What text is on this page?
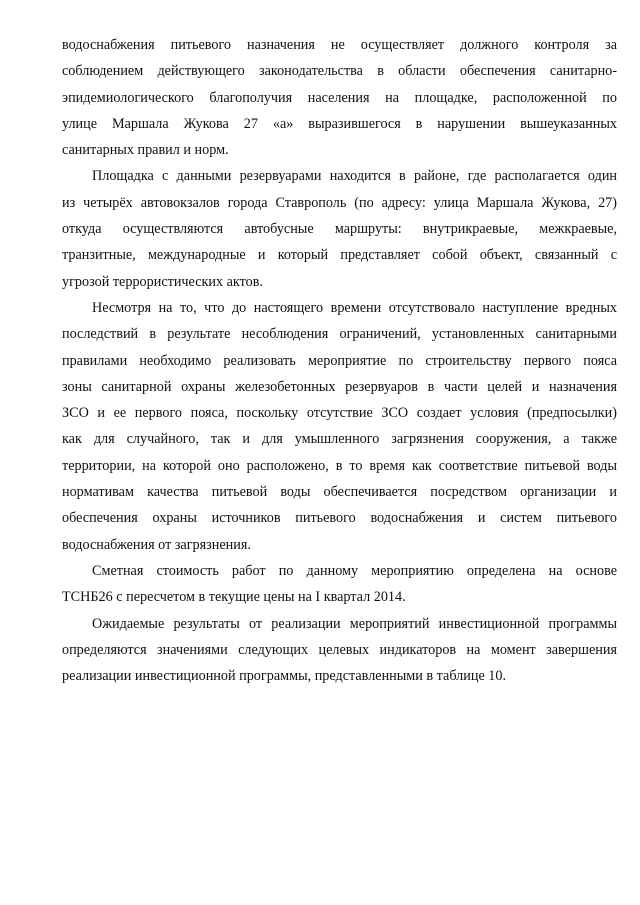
водоснабжения питьевого назначения не осуществляет должного контроля за
соблюдением действующего законодательства в области обеспечения санитарно-
эпидемиологического благополучия населения на площадке, расположенной по
улице Маршала Жукова 27 «а» выразившегося в нарушении вышеуказанных
санитарных правил и норм.
Площадка с данными резервуарами находится в районе, где располагается один
из четырёх автовокзалов города Ставрополь (по адресу: улица Маршала Жукова, 27)
откуда осуществляются автобусные маршруты: внутрикраевые, межкраевые,
транзитные, международные и который представляет собой объект, связанный с
угрозой террористических актов.
Несмотря на то, что до настоящего времени отсутствовало наступление вредных
последствий в результате несоблюдения ограничений, установленных санитарными
правилами необходимо реализовать мероприятие по строительству первого пояса
зоны санитарной охраны железобетонных резервуаров в части целей и назначения
ЗСО и ее первого пояса, поскольку отсутствие ЗСО создает условия (предпосылки)
как для случайного, так и для умышленного загрязнения сооружения, а также
территории, на которой оно расположено, в то время как соответствие питьевой воды
нормативам качества питьевой воды обеспечивается посредством организации и
обеспечения охраны источников питьевого водоснабжения и систем питьевого
водоснабжения от загрязнения.
Сметная стоимость работ по данному мероприятию определена на основе
ТСНБ26 с пересчетом в текущие цены на I квартал 2014.
Ожидаемые результаты от реализации мероприятий инвестиционной программы
определяются значениями следующих целевых индикаторов на момент завершения
реализации инвестиционной программы, представленными в таблице 10.
